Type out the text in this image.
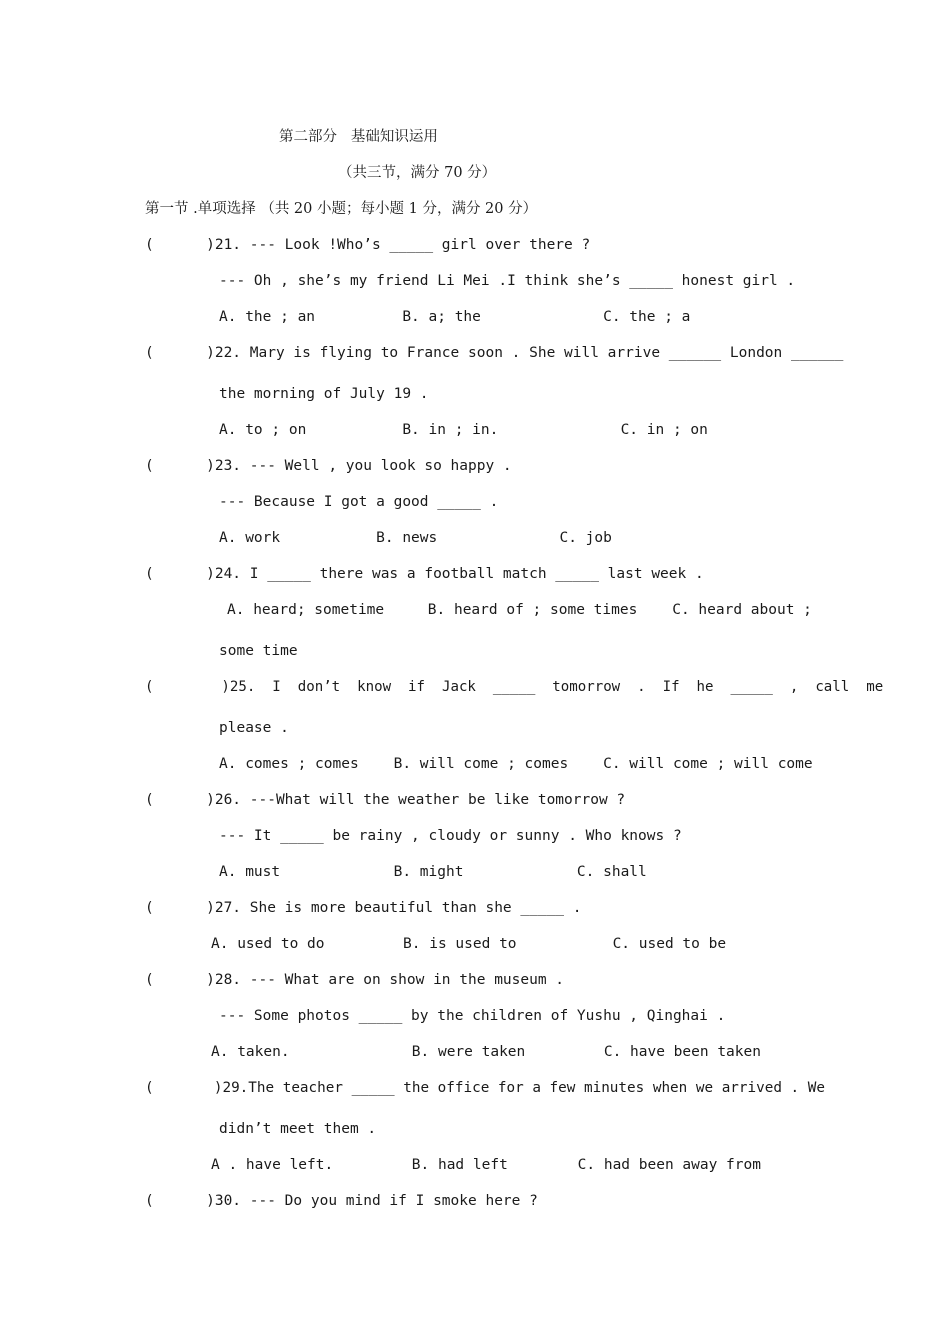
第二部分   基础知识运用
（共三节，满分 70 分）
第一节 .单项选择 （共 20 小题；每小题 1 分，满分 20 分）
(      )21. --- Look !Who’s _____ girl over there ?
--- Oh , she’s my friend Li Mei .I think she’s _____ honest girl .
A. the ; an          B. a; the              C. the ; a
(      )22. Mary is flying to France soon . She will arrive ______ London ______
the morning of July 19 .
A. to ; on           B. in ; in.              C. in ; on
(      )23. --- Well , you look so happy .
--- Because I got a good _____ .
A. work           B. news              C. job
(      )24. I _____ there was a football match _____ last week .
A. heard; sometime     B. heard of ; some times    C. heard about ;
some time
(        )25.  I  don’t  know  if  Jack  _____  tomorrow  .  If  he  _____  ,  call  me
please .
A. comes ; comes    B. will come ; comes    C. will come ; will come
(      )26. ---What will the weather be like tomorrow ?
--- It _____ be rainy , cloudy or sunny . Who knows ?
A. must             B. might             C. shall
(      )27. She is more beautiful than she _____ .
A. used to do         B. is used to           C. used to be
(      )28. --- What are on show in the museum .
--- Some photos _____ by the children of Yushu , Qinghai .
A. taken.              B. were taken         C. have been taken
(       )29.The teacher _____ the office for a few minutes when we arrived . We
didn’t meet them .
A . have left.         B. had left        C. had been away from
(      )30. --- Do you mind if I smoke here ?
